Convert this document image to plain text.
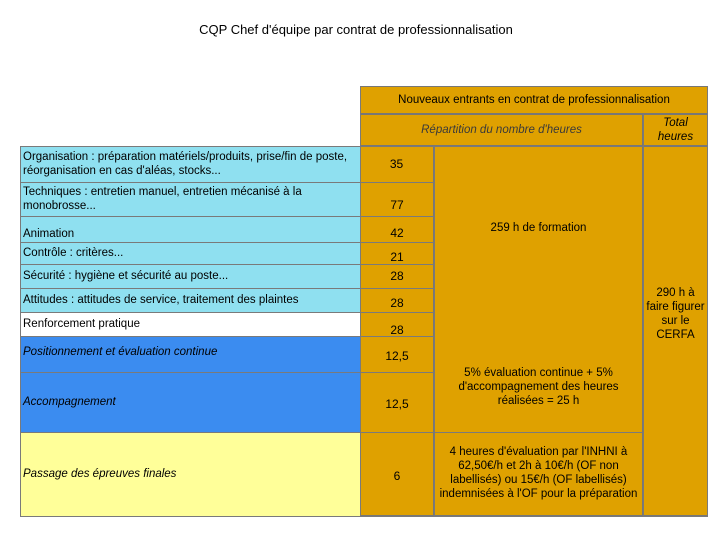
CQP Chef d'équipe par contrat de professionnalisation
Nouveaux entrants en contrat de professionnalisation
Répartition du nombre d'heures
Total heures
290 h à faire figurer sur le CERFA
259 h de formation
5% évaluation continue + 5% d'accompagnement des heures réalisées = 25 h
4 heures d'évaluation par l'INHNI à 62,50€/h et 2h à 10€/h (OF non labellisés) ou 15€/h (OF labellisés) indemnisées à l'OF pour la préparation
Organisation : préparation matériels/produits, prise/fin de poste, réorganisation en cas d'aléas, stocks...
Techniques : entretien manuel, entretien mécanisé à la monobrosse...
Animation
Contrôle : critères...
Sécurité : hygiène et sécurité au poste...
Attitudes : attitudes de service, traitement des plaintes
Renforcement pratique
Positionnement et évaluation continue
Accompagnement
Passage des épreuves finales
35
77
42
21
28
28
28
12,5
12,5
6
